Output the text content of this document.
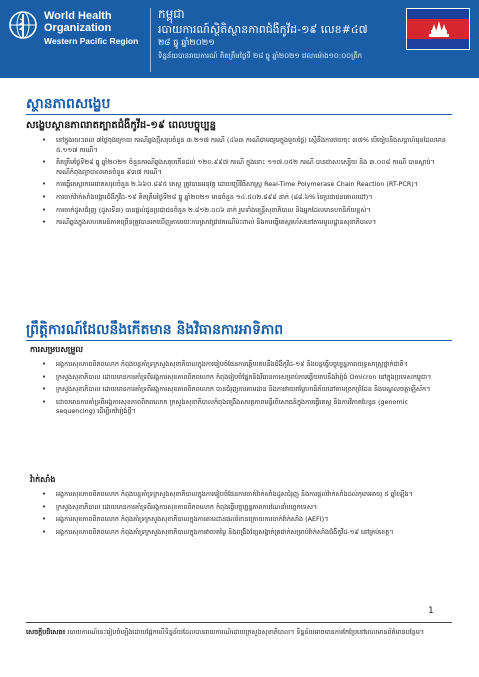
World Health
Organization
Western Pacific Region
កម្ពុជា
របាយការណ៍ស្ថិតិស្ថានភាពជំងឺកូវីដ-១៩ លេខ#៤៧
២៨ ធ្នូ ឆ្នាំ២០២១
ទិន្នន័យបានរាយការណ៍ គិតត្រឹមថ្ងៃទី ២៨ ធ្នូ ឆ្នាំ២០២១ វេលាម៉ោង១០:០០ព្រឹក
ស្ថានភាពសង្ខេប
សង្ខេបស្ថានភាពរាតត្បាតជំងឺកូវីដ-១៩ ពេលបច្ចុប្បន្ន
• នៅក្នុងរយៈពេល ៧ថ្ងៃចុងក្រោយ ករណីឆ្លងថ្មីសរុបចំនួន ៣.២១៧ ករណី (៤៦៣ ករណីជាមធ្យមក្នុងមួយថ្ងៃ) ស្មើនឹងការថយចុះ ៣៧% បើធៀបនឹងសប្តាហ៍មុនដែលមាន ៥.១១៧ ករណី។
• គិតត្រឹមថ្ងៃទី២៨ ធ្នូ ឆ្នាំ២០២១ ចំនួនករណីឆ្លងសរុបកើនដល់ ១២០.៩៩៧ ករណី ក្នុងនោះ ១១៧.០៥២ ករណី បានជាសះស្បើយ និង ៣.០០៨ ករណី បានស្លាប់។ ករណីកំពុងព្យាបាលមានចំនួន ៩៣៧ ករណី។
• ការធ្វើតេស្តរកមេរោគសរុបចំនួន ២.៦៦០.៨៩៥ តេស្ត ត្រូវបានអនុវត្ត ដោយប្រើវិធីសាស្ត្រ Real-Time Polymerase Chain Reaction (RT-PCR)។
• ការចាក់វ៉ាក់សាំងបង្ការជំងឺកូវីដ-១៩ គិតត្រឹមថ្ងៃទី២៨ ធ្នូ ឆ្នាំ២០២១ មានចំនួន ១៤.៥០២.៨៩៨ នាក់ (៨៨.៦% នៃប្រជាជនគោលដៅ)។
• ការចាក់ដូសជំរុញ (ដូសទី៣) បានផ្តល់ជូនប្រជាជនចំនួន ២.៨១២.០០៦ នាក់ រួមទាំងមន្ត្រីសុខាភិបាល និងអ្នកដែលមានហានិភ័យខ្ពស់។
• ករណីឆ្លងក្នុងសហគមន៍ភាគច្រើនត្រូវបានរកឃើញតាមរយៈការស្រាវជ្រាវករណីប៉ះពាល់ និងការធ្វើតេស្តរហ័សនៅតាមមូលដ្ឋានសុខាភិបាល។
ព្រឹត្តិការណ៍ដែលនឹងកើតមាន និងវិធានការអាទិភាព
ការសម្របសម្រួល
• អង្គការសុខភាពពិភពលោក កំពុងបន្តគាំទ្រក្រសួងសុខាភិបាលក្នុងការរៀបចំផែនការឆ្លើយតបនឹងជំងឺកូវីដ-១៩ និងបន្តធ្វើបច្ចុប្បន្នភាពយុទ្ធសាស្ត្រថ្នាក់ជាតិ។
• ក្រសួងសុខាភិបាល ដោយមានការគាំទ្រពីអង្គការសុខភាពពិភពលោក កំពុងរៀបចំផ្នែកនិងវិធានការសម្រាប់ការឆ្លើយតបនឹងវ៉ារ្យ៉ង់ Omicron នៅក្នុងប្រទេសកម្ពុជា។
• ក្រសួងសុខាភិបាល ដោយមានការគាំទ្រពីអង្គការសុខភាពពិភពលោក បានជំរុញការតាមដាន និងការវាយតម្លៃហានិភ័យនៅតាមច្រកព្រំដែន និងមណ្ឌលចត្តាឡីស័ក។
• ដោយមានការគាំទ្រពីអង្គការសុខភាពពិភពលោក ក្រសួងសុខាភិបាលកំពុងពង្រឹងសមត្ថភាពមន្ទីរពិសោធន៍ក្នុងការធ្វើតេស្ត និងការវិភាគហ្សែន (genomic sequencing) ដើម្បីរកវ៉ារ្យ៉ង់ថ្មី។
វ៉ាក់សាំង
• អង្គការសុខភាពពិភពលោក កំពុងបន្តគាំទ្រក្រសួងសុខាភិបាលក្នុងការរៀបចំផែនការចាក់វ៉ាក់សាំងដូសជំរុញ និងការផ្តល់វ៉ាក់សាំងដល់កុមារអាយុ ៥ ឆ្នាំឡើង។
• ក្រសួងសុខាភិបាល ដោយមានការគាំទ្រពីអង្គការសុខភាពពិភពលោក កំពុងធ្វើបច្ចុប្បន្នភាពការណែនាំបច្ចេកទេស។
• អង្គការសុខភាពពិភពលោក កំពុងគាំទ្រក្រសួងសុខាភិបាលក្នុងការតាមដានផលរំខានក្រោយការចាក់វ៉ាក់សាំង (AEFI)។
• អង្គការសុខភាពពិភពលោក កំពុងគាំទ្រក្រសួងសុខាភិបាលក្នុងការវាយតម្លៃ និងពង្រឹងខ្សែសង្វាក់ត្រជាក់សម្រាប់វ៉ាក់សាំងជំងឺកូវីដ-១៩ នៅគ្រប់ខេត្ត។
1
សេចក្តីបដិសេធ៖ របាយការណ៍នេះរៀបចំឡើងដោយផ្អែកលើទិន្នន័យដែលបានរាយការណ៍ដោយក្រសួងសុខាភិបាល។ ទិន្នន័យអាចមានការកែប្រែនៅពេលមានព័ត៌មានបន្ថែម។
